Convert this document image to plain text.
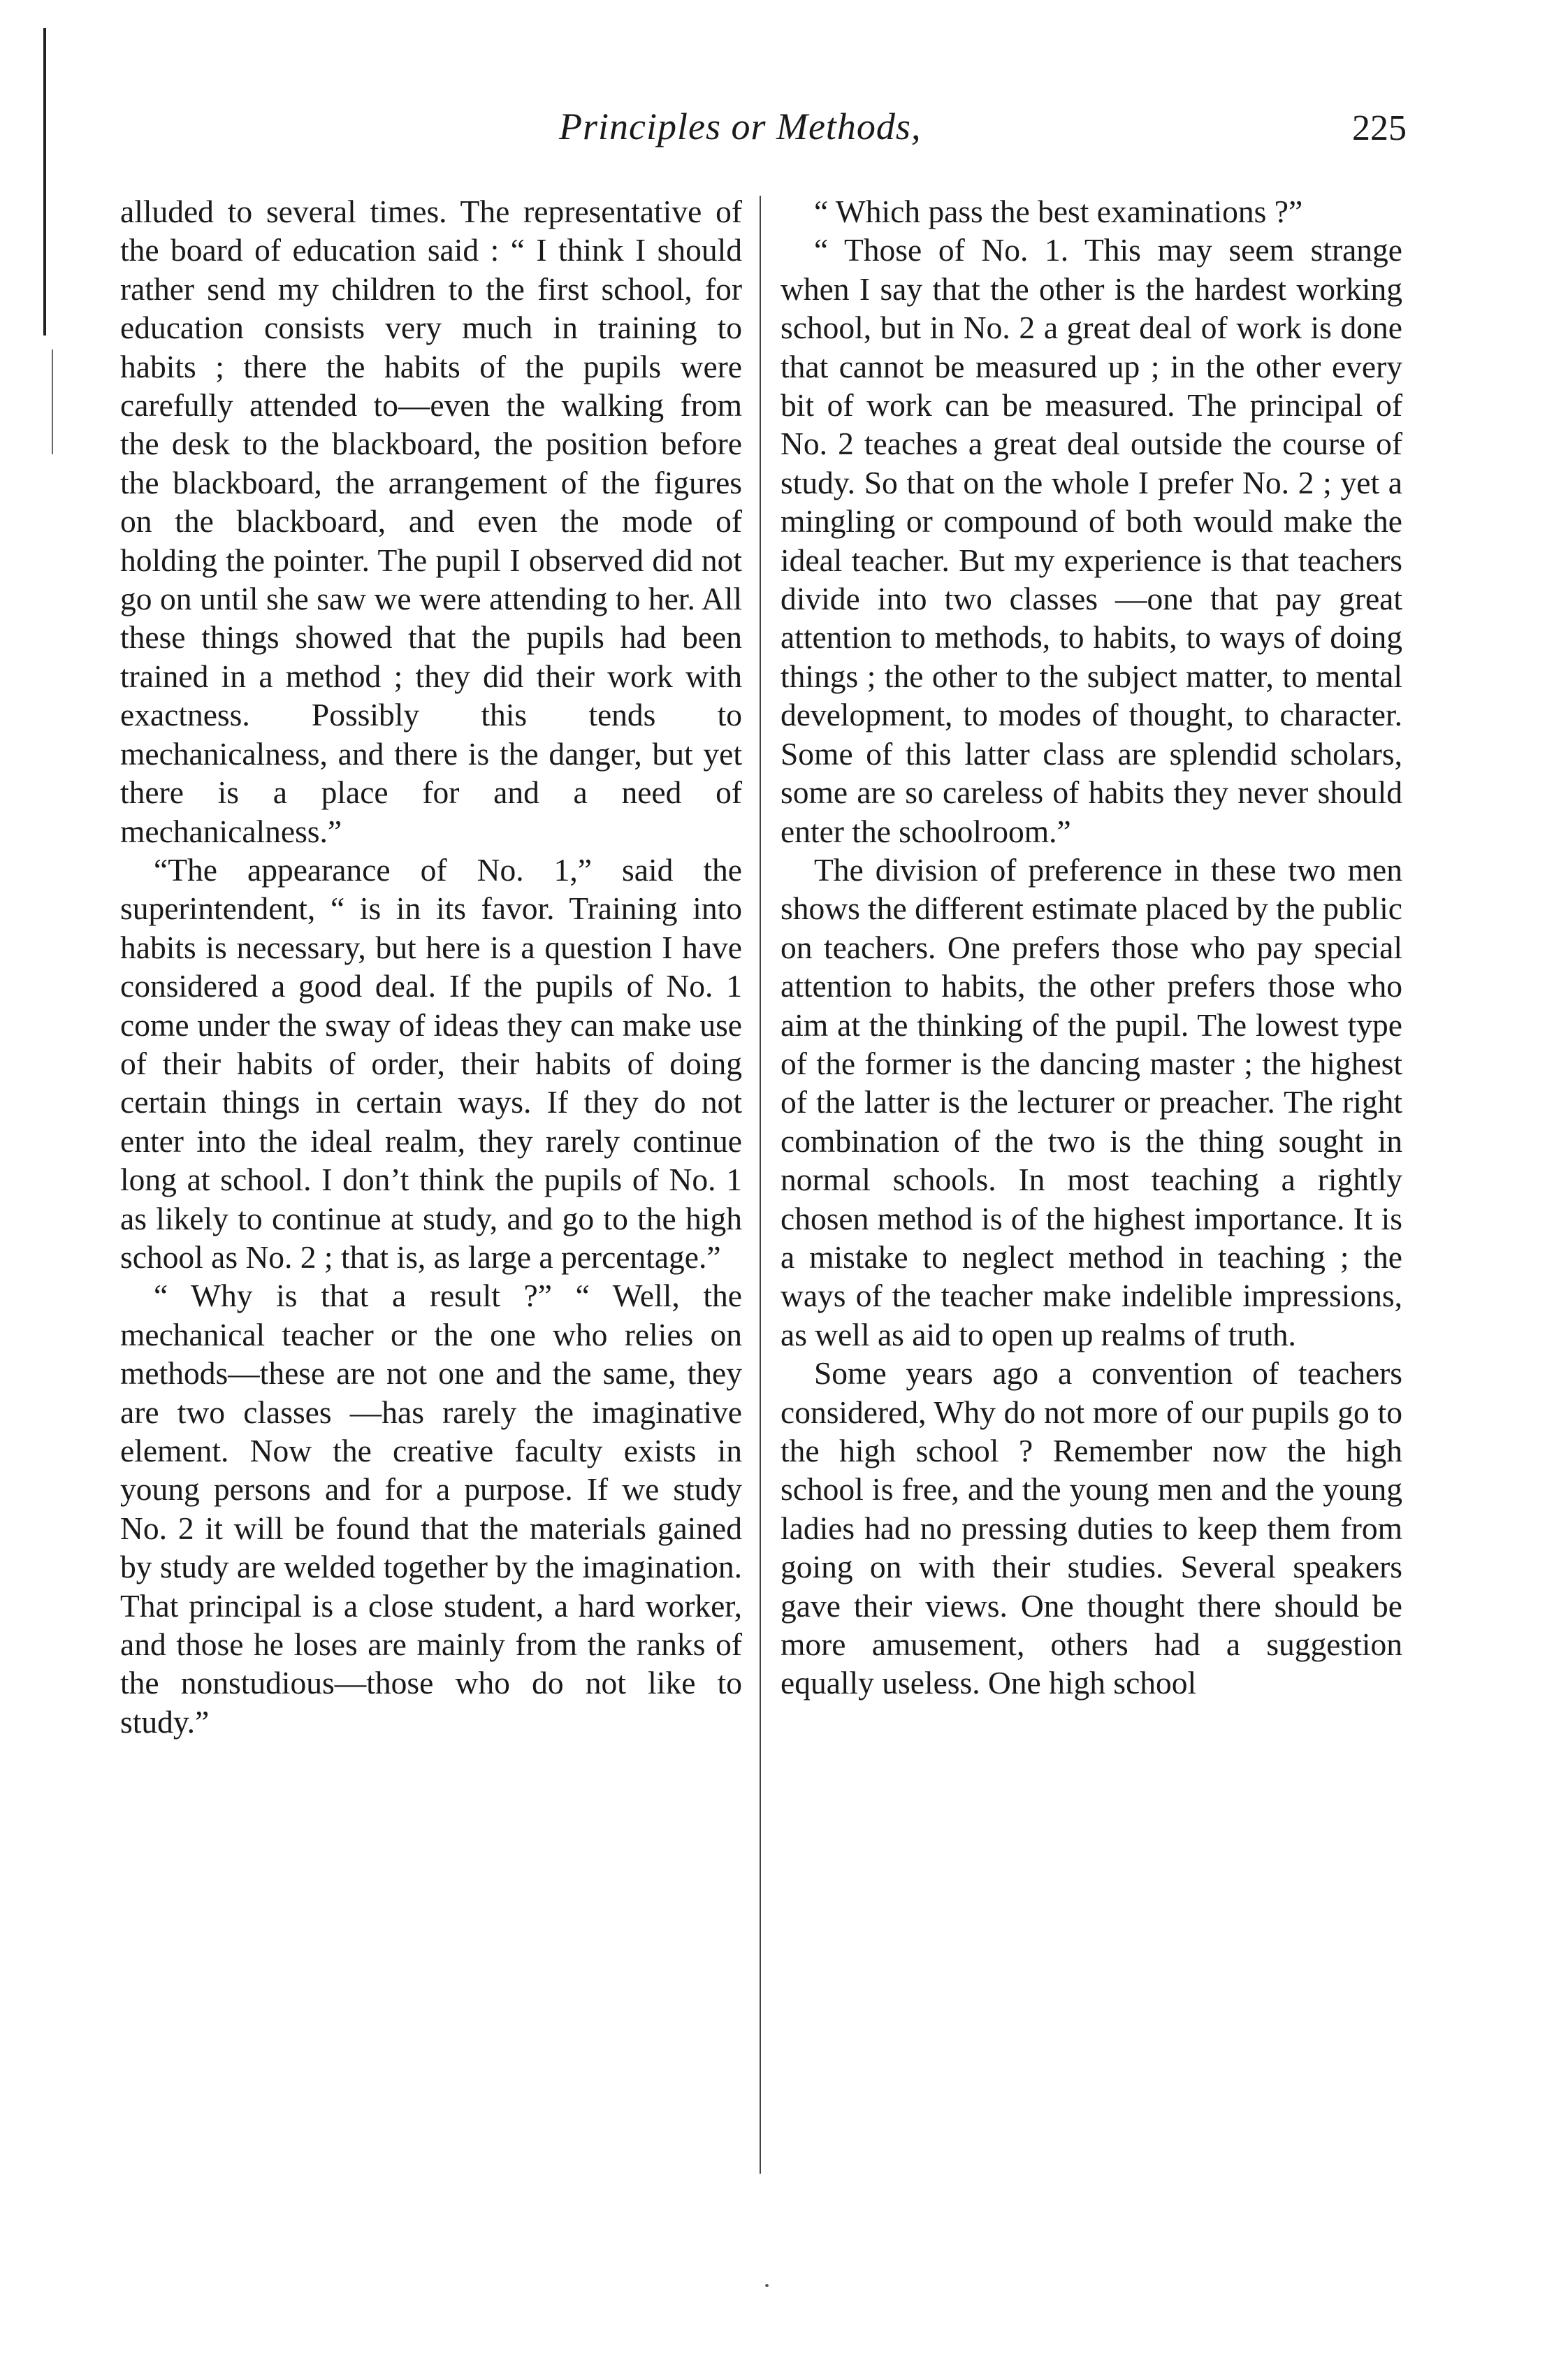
Principles or Methods,	225

alluded to several times. The representative of the board of education said : “ I think I should rather send my children to the first school, for education consists very much in training to habits ; there the habits of the pupils were carefully attended to—even the walking from the desk to the blackboard, the position before the blackboard, the arrangement of the figures on the blackboard, and even the mode of holding the pointer. The pupil I observed did not go on until she saw we were attending to her. All these things showed that the pupils had been trained in a method ; they did their work with exactness. Possibly this tends to mechanicalness, and there is the danger, but yet there is a place for and a need of mechanicalness.”

“The appearance of No. 1,” said the superintendent, “ is in its favor. Training into habits is necessary, but here is a question I have considered a good deal. If the pupils of No. 1 come under the sway of ideas they can make use of their habits of order, their habits of doing certain things in certain ways. If they do not enter into the ideal realm, they rarely continue long at school. I don’t think the pupils of No. 1 as likely to continue at study, and go to the high school as No. 2 ; that is, as large a percentage.”

“ Why is that a result ?” “ Well, the mechanical teacher or the one who relies on methods—these are not one and the same, they are two classes —has rarely the imaginative element. Now the creative faculty exists in young persons and for a purpose. If we study No. 2 it will be found that the materials gained by study are welded together by the imagination. That principal is a close student, a hard worker, and those he loses are mainly from the ranks of the nonstudious—those who do not like to study.”

“ Which pass the best examinations ?”

“ Those of No. 1. This may seem strange when I say that the other is the hardest working school, but in No. 2 a great deal of work is done that cannot be measured up ; in the other every bit of work can be measured. The principal of No. 2 teaches a great deal outside the course of study. So that on the whole I prefer No. 2 ; yet a mingling or compound of both would make the ideal teacher. But my experience is that teachers divide into two classes —one that pay great attention to methods, to habits, to ways of doing things ; the other to the subject matter, to mental development, to modes of thought, to character. Some of this latter class are splendid scholars, some are so careless of habits they never should enter the schoolroom.”

The division of preference in these two men shows the different estimate placed by the public on teachers. One prefers those who pay special attention to habits, the other prefers those who aim at the thinking of the pupil. The lowest type of the former is the dancing master ; the highest of the latter is the lecturer or preacher. The right combination of the two is the thing sought in normal schools. In most teaching a rightly chosen method is of the highest importance. It is a mistake to neglect method in teaching ; the ways of the teacher make indelible impressions, as well as aid to open up realms of truth.

Some years ago a convention of teachers considered, Why do not more of our pupils go to the high school ? Remember now the high school is free, and the young men and the young ladies had no pressing duties to keep them from going on with their studies. Several speakers gave their views. One thought there should be more amusement, others had a suggestion equally useless. One high school
